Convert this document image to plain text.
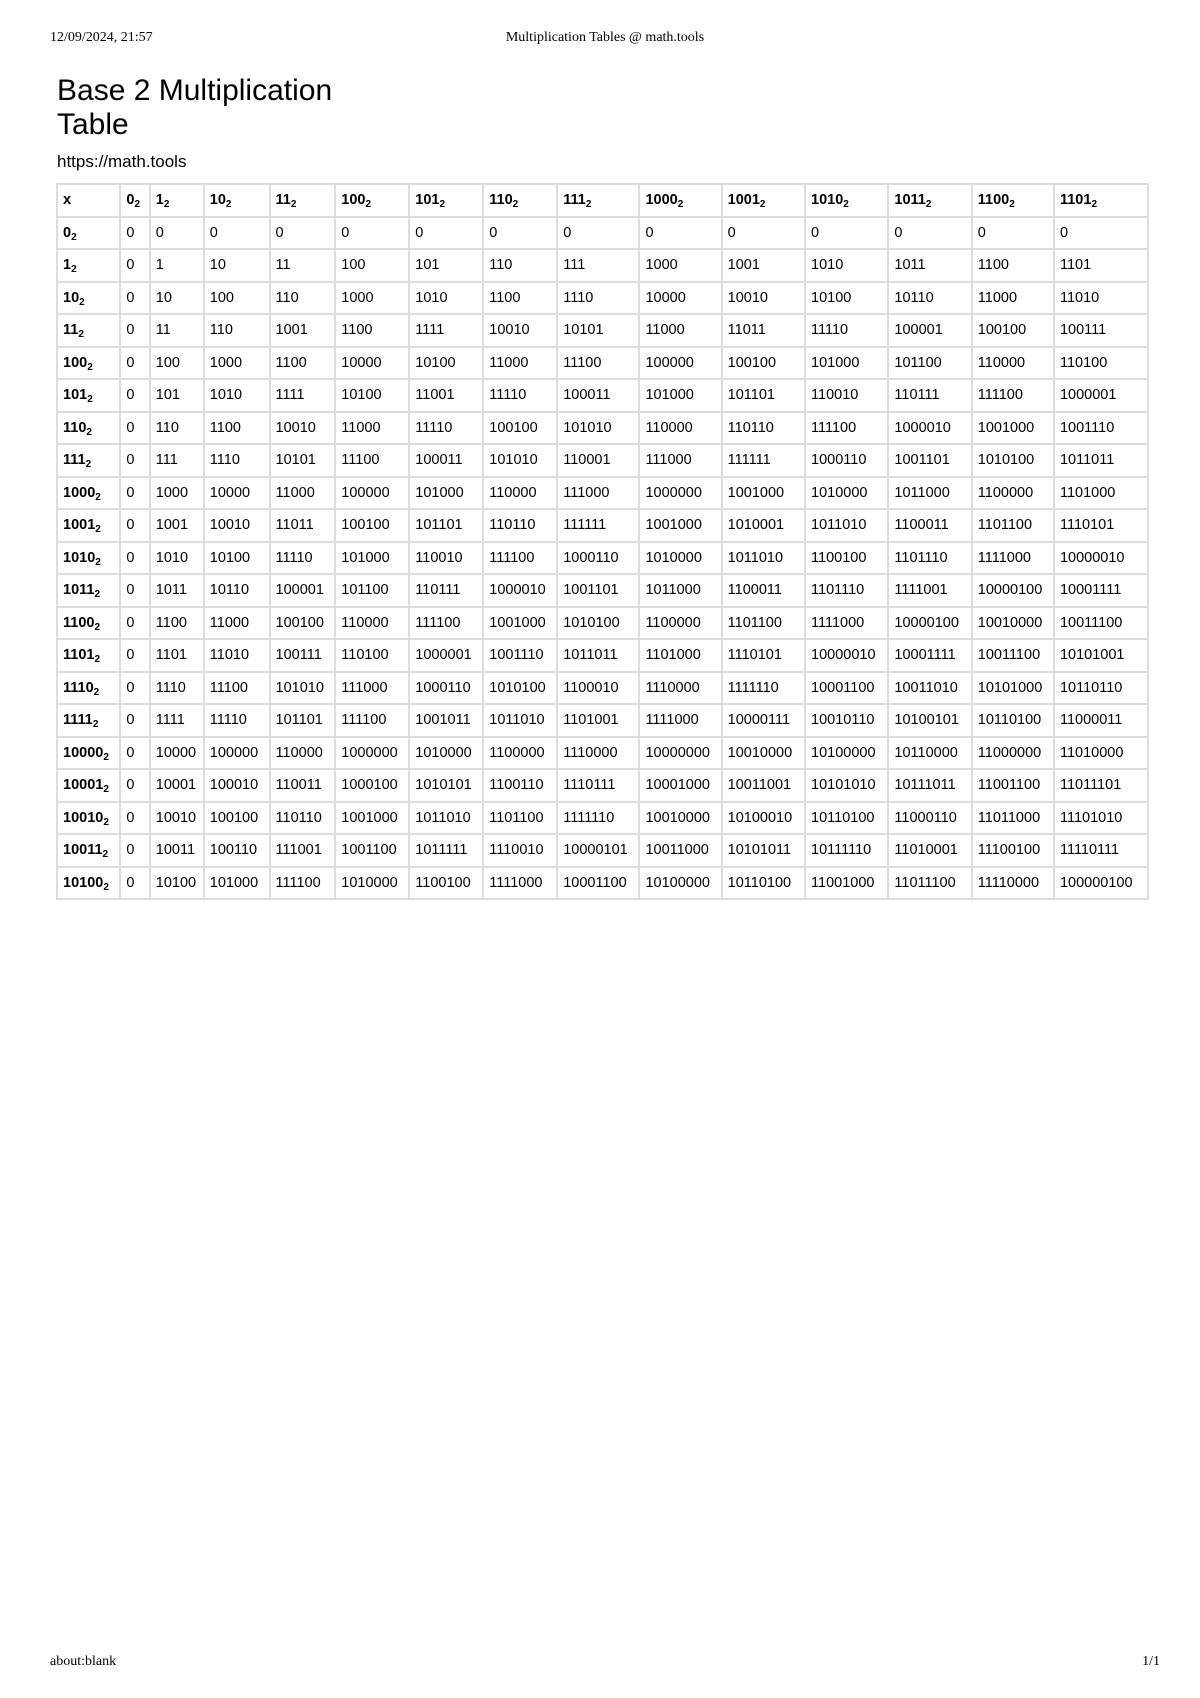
12/09/2024, 21:57	Multiplication Tables @ math.tools
Base 2 Multiplication Table
https://math.tools
x	$0_2$	$1_2$	$10_2$	$11_2$	$100_2$	$101_2$	$110_2$	$111_2$	$1000_2$	$1001_2$	$1010_2$	$1011_2$	$1100_2$	$1101_2$
$0_2$	0	0	0	0	0	0	0	0	0	0	0	0	0	0
$1_2$	0	1	10	11	100	101	110	111	1000	1001	1010	1011	1100	1101
$10_2$	0	10	100	110	1000	1010	1100	1110	10000	10010	10100	10110	11000	11010
$11_2$	0	11	110	1001	1100	1111	10010	10101	11000	11011	11110	100001	100100	100111
$100_2$	0	100	1000	1100	10000	10100	11000	11100	100000	100100	101000	101100	110000	110100
$101_2$	0	101	1010	1111	10100	11001	11110	100011	101000	101101	110010	110111	111100	1000001
$110_2$	0	110	1100	10010	11000	11110	100100	101010	110000	110110	111100	1000010	1001000	1001110
$111_2$	0	111	1110	10101	11100	100011	101010	110001	111000	111111	1000110	1001101	1010100	1011011
$1000_2$	0	1000	10000	11000	100000	101000	110000	111000	1000000	1001000	1010000	1011000	1100000	1101000
$1001_2$	0	1001	10010	11011	100100	101101	110110	111111	1001000	1010001	1011010	1100011	1101100	1110101
$1010_2$	0	1010	10100	11110	101000	110010	111100	1000110	1010000	1011010	1100100	1101110	1111000	10000010
$1011_2$	0	1011	10110	100001	101100	110111	1000010	1001101	1011000	1100011	1101110	1111001	10000100	10001111
$1100_2$	0	1100	11000	100100	110000	111100	1001000	1010100	1100000	1101100	1111000	10000100	10010000	10011100
$1101_2$	0	1101	11010	100111	110100	1000001	1001110	1011011	1101000	1110101	10000010	10001111	10011100	10101001
$1110_2$	0	1110	11100	101010	111000	1000110	1010100	1100010	1110000	1111110	10001100	10011010	10101000	10110110
$1111_2$	0	1111	11110	101101	111100	1001011	1011010	1101001	1111000	10000111	10010110	10100101	10110100	11000011
$10000_2$	0	10000	100000	110000	1000000	1010000	1100000	1110000	10000000	10010000	10100000	10110000	11000000	11010000
$10001_2$	0	10001	100010	110011	1000100	1010101	1100110	1110111	10001000	10011001	10101010	10111011	11001100	11011101
$10010_2$	0	10010	100100	110110	1001000	1011010	1101100	1111110	10010000	10100010	10110100	11000110	11011000	11101010
$10011_2$	0	10011	100110	111001	1001100	1011111	1110010	10000101	10011000	10101011	10111110	11010001	11100100	11110111
$10100_2$	0	10100	101000	111100	1010000	1100100	1111000	10001100	10100000	10110100	11001000	11011100	11110000	100000100
about:blank	1/1
